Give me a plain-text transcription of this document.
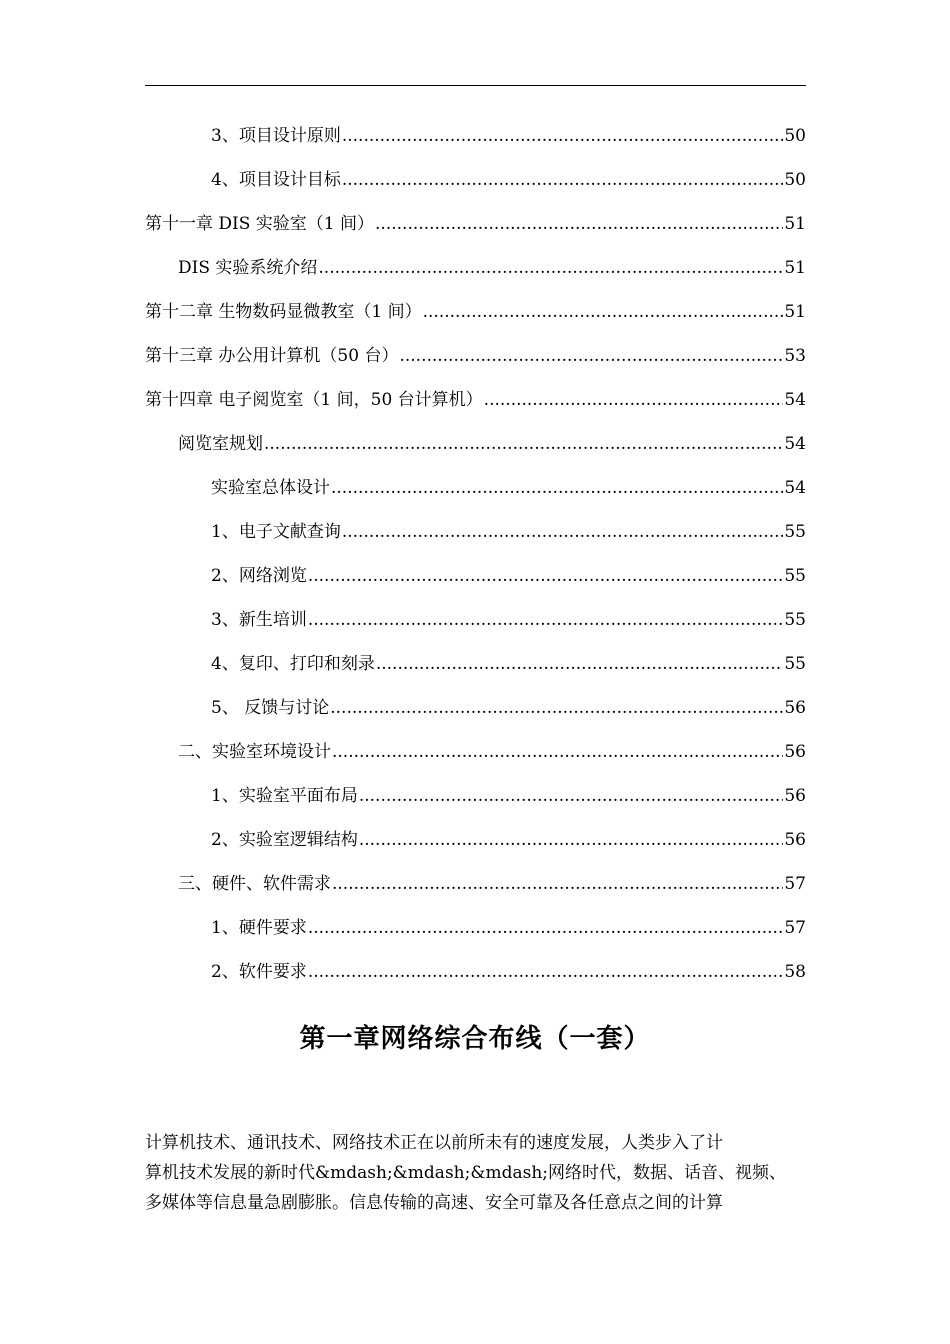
3、项目设计原则 .....	50
4、项目设计目标 .....	50
第十一章 DIS 实验室（1 间） .....	51
DIS 实验系统介绍 .....	51
第十二章 生物数码显微教室（1 间） .....	51
第十三章 办公用计算机（50 台） .....	53
第十四章 电子阅览室（1 间，50 台计算机） .....	54
阅览室规划 .....	54
实验室总体设计 .....	54
1、电子文献查询 .....	55
2、网络浏览 .....	55
3、新生培训 .....	55
4、复印、打印和刻录 .....	55
5、 反馈与讨论 .....	56
二、实验室环境设计 .....	56
1、实验室平面布局 .....	56
2、实验室逻辑结构 .....	56
三、硬件、软件需求 .....	57
1、硬件要求 .....	57
2、软件要求 .....	58
第一章网络综合布线（一套）
计算机技术、通讯技术、网络技术正在以前所未有的速度发展，人类步入了计
算机技术发展的新时代&mdash;&mdash;&mdash;网络时代，数据、话音、视频、
多媒体等信息量急剧膨胀。信息传输的高速、安全可靠及各任意点之间的计算
